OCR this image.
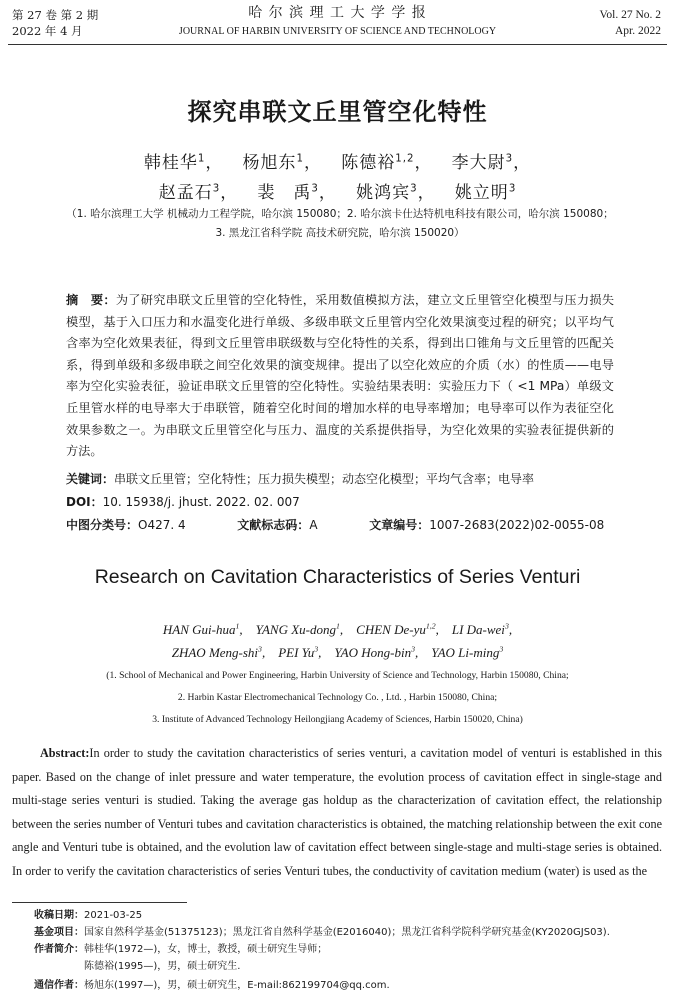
第 27 卷 第 2 期
2022 年 4 月
哈 尔 滨 理 工 大 学 学 报
JOURNAL OF HARBIN UNIVERSITY OF SCIENCE AND TECHNOLOGY
Vol. 27 No. 2
Apr. 2022
探究串联文丘里管空化特性
韩桂华$^1$，   杨旭东$^1$，   陈德裕$^{1,2}$，   李大尉$^3$，
赵孟石$^3$，   裴　禹$^3$，   姚鸿宾$^3$，   姚立明$^3$
（1. 哈尔滨理工大学 机械动力工程学院，哈尔滨 150080；2. 哈尔滨卡仕达特机电科技有限公司，哈尔滨 150080；
3. 黑龙江省科学院 高技术研究院，哈尔滨 150020）
摘　要：为了研究串联文丘里管的空化特性，采用数值模拟方法，建立文丘里管空化模型与压力损失模型，基于入口压力和水温变化进行单级、多级串联文丘里管内空化效果演变过程的研究；以平均气含率为空化效果表征，得到文丘里管串联级数与空化特性的关系，得到出口锥角与文丘里管的匹配关系，得到单级和多级串联之间空化效果的演变规律。提出了以空化效应的介质（水）的性质——电导率为空化实验表征，验证串联文丘里管的空化特性。实验结果表明：实验压力下（ <1 MPa）单级文丘里管水样的电导率大于串联管，随着空化时间的增加水样的电导率增加；电导率可以作为表征空化效果参数之一。为串联文丘里管空化与压力、温度的关系提供指导，为空化效果的实验表征提供新的方法。
关键词：串联文丘里管；空化特性；压力损失模型；动态空化模型；平均气含率；电导率
DOI：10. 15938/j. jhust. 2022. 02. 007
中图分类号：O427. 4	文献标志码：A	文章编号：1007-2683(2022)02-0055-08
Research on Cavitation Characteristics of Series Venturi
HAN Gui-hua$^1$,    YANG Xu-dong$^1$,    CHEN De-yu$^{1,2}$,    LI Da-wei$^3$,
ZHAO Meng-shi$^3$,    PEI Yu$^3$,    YAO Hong-bin$^3$,    YAO Li-ming$^3$
(1. School of Mechanical and Power Engineering, Harbin University of Science and Technology, Harbin 150080, China;
2. Harbin Kastar Electromechanical Technology Co. , Ltd. , Harbin 150080, China;
3. Institute of Advanced Technology Heilongjiang Academy of Sciences, Harbin 150020, China)
Abstract:In order to study the cavitation characteristics of series venturi, a cavitation model of venturi is established in this paper. Based on the change of inlet pressure and water temperature, the evolution process of cavitation effect in single-stage and multi-stage series venturi is studied. Taking the average gas holdup as the characterization of cavitation effect, the relationship between the series number of Venturi tubes and cavitation characteristics is obtained, the matching relationship between the exit cone angle and Venturi tube is obtained, and the evolution law of cavitation effect between single-stage and multi-stage series is obtained. In order to verify the cavitation characteristics of series Venturi tubes, the conductivity of cavitation medium (water) is used as the
收稿日期：2021-03-25
基金项目：国家自然科学基金(51375123)；黑龙江省自然科学基金(E2016040)；黑龙江省科学院科学研究基金(KY2020GJS03).
作者简介：韩桂华(1972—)，女，博士，教授，硕士研究生导师；
陈德裕(1995—)，男，硕士研究生.
通信作者：杨旭东(1997—)，男，硕士研究生，E-mail:862199704@qq.com.
